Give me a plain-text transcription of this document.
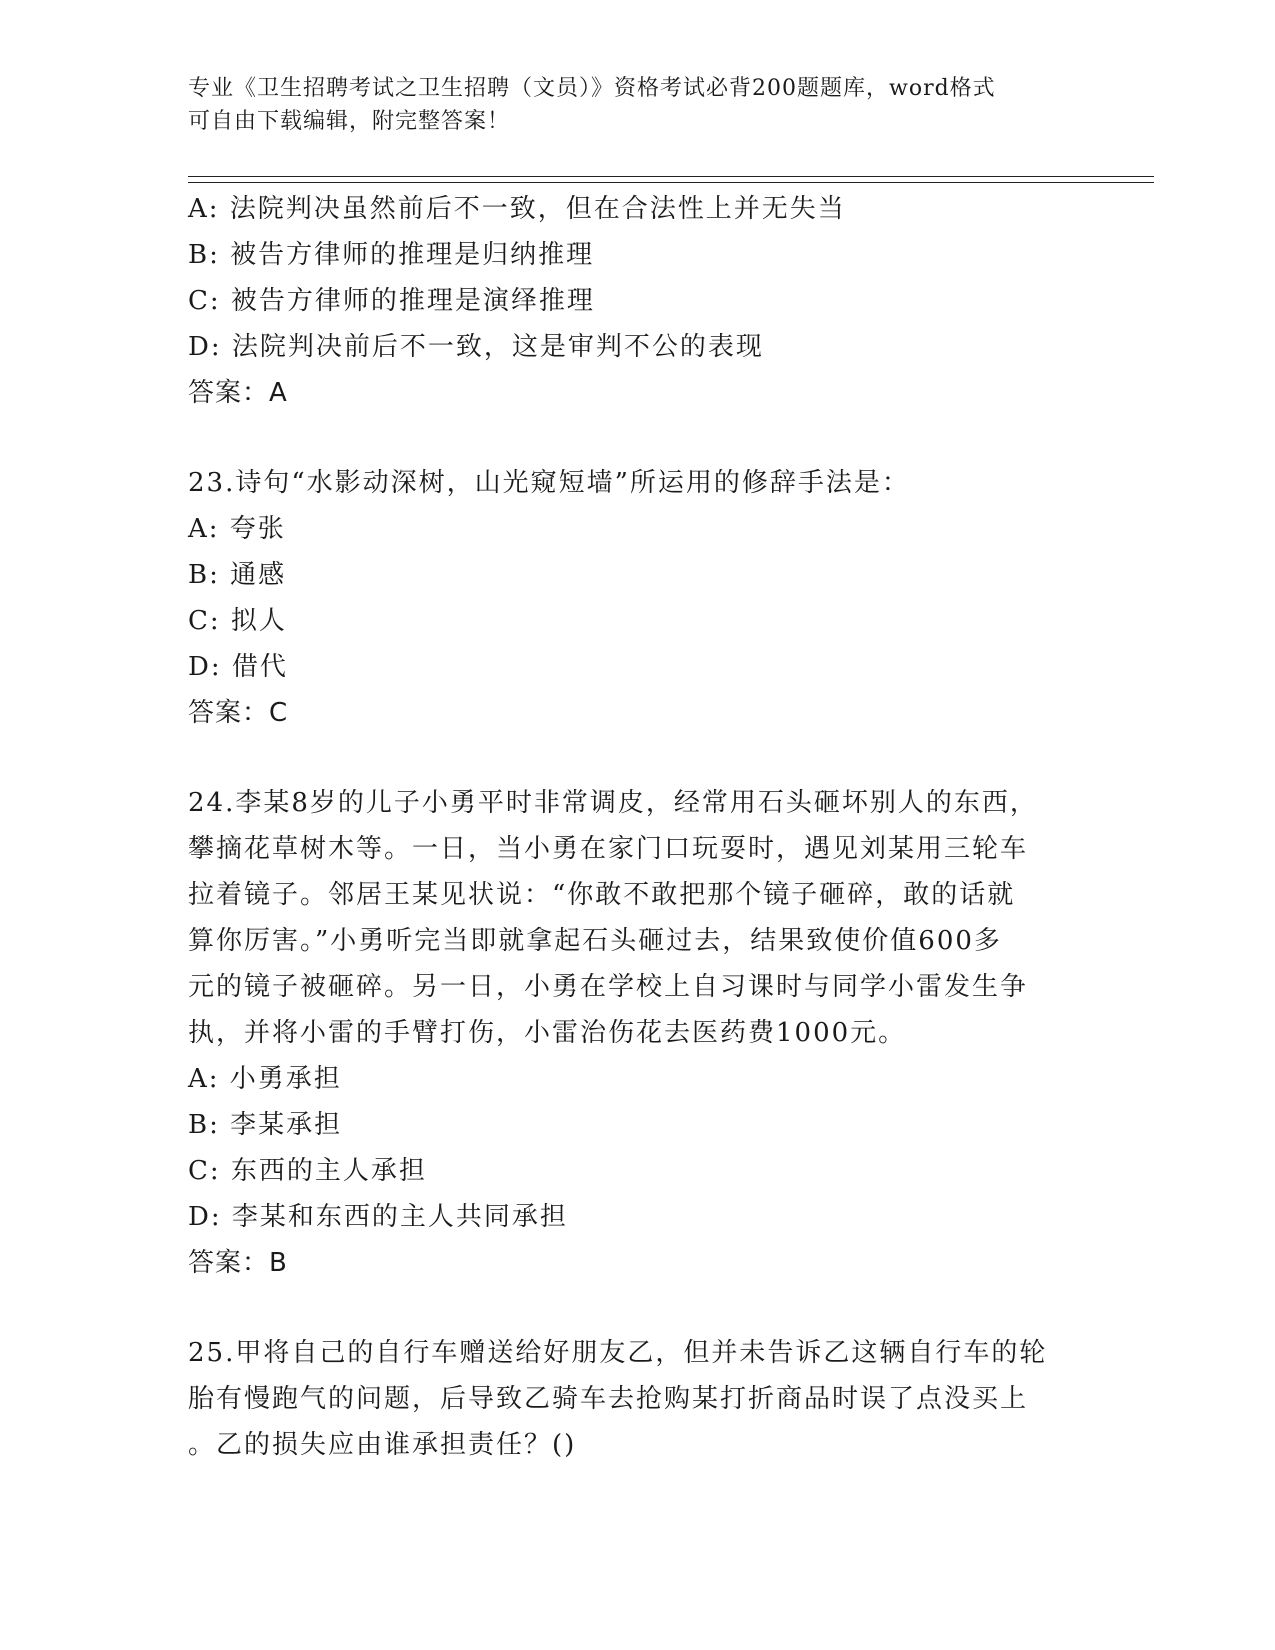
专业《卫生招聘考试之卫生招聘（文员）》资格考试必背200题题库，word格式
可自由下载编辑，附完整答案！
A: 法院判决虽然前后不一致，但在合法性上并无失当
B: 被告方律师的推理是归纳推理
C: 被告方律师的推理是演绎推理
D: 法院判决前后不一致，这是审判不公的表现
答案：A
23.诗句“水影动深树，山光窥短墙”所运用的修辞手法是：
A: 夸张
B: 通感
C: 拟人
D: 借代
答案：C
24.李某8岁的儿子小勇平时非常调皮，经常用石头砸坏别人的东西，
攀摘花草树木等。一日，当小勇在家门口玩耍时，遇见刘某用三轮车
拉着镜子。邻居王某见状说：“你敢不敢把那个镜子砸碎，敢的话就
算你厉害。”小勇听完当即就拿起石头砸过去，结果致使价值600多
元的镜子被砸碎。另一日，小勇在学校上自习课时与同学小雷发生争
执，并将小雷的手臂打伤，小雷治伤花去医药费1000元。
A: 小勇承担
B: 李某承担
C: 东西的主人承担
D: 李某和东西的主人共同承担
答案：B
25.甲将自己的自行车赠送给好朋友乙，但并未告诉乙这辆自行车的轮
胎有慢跑气的问题，后导致乙骑车去抢购某打折商品时误了点没买上
。乙的损失应由谁承担责任？()
